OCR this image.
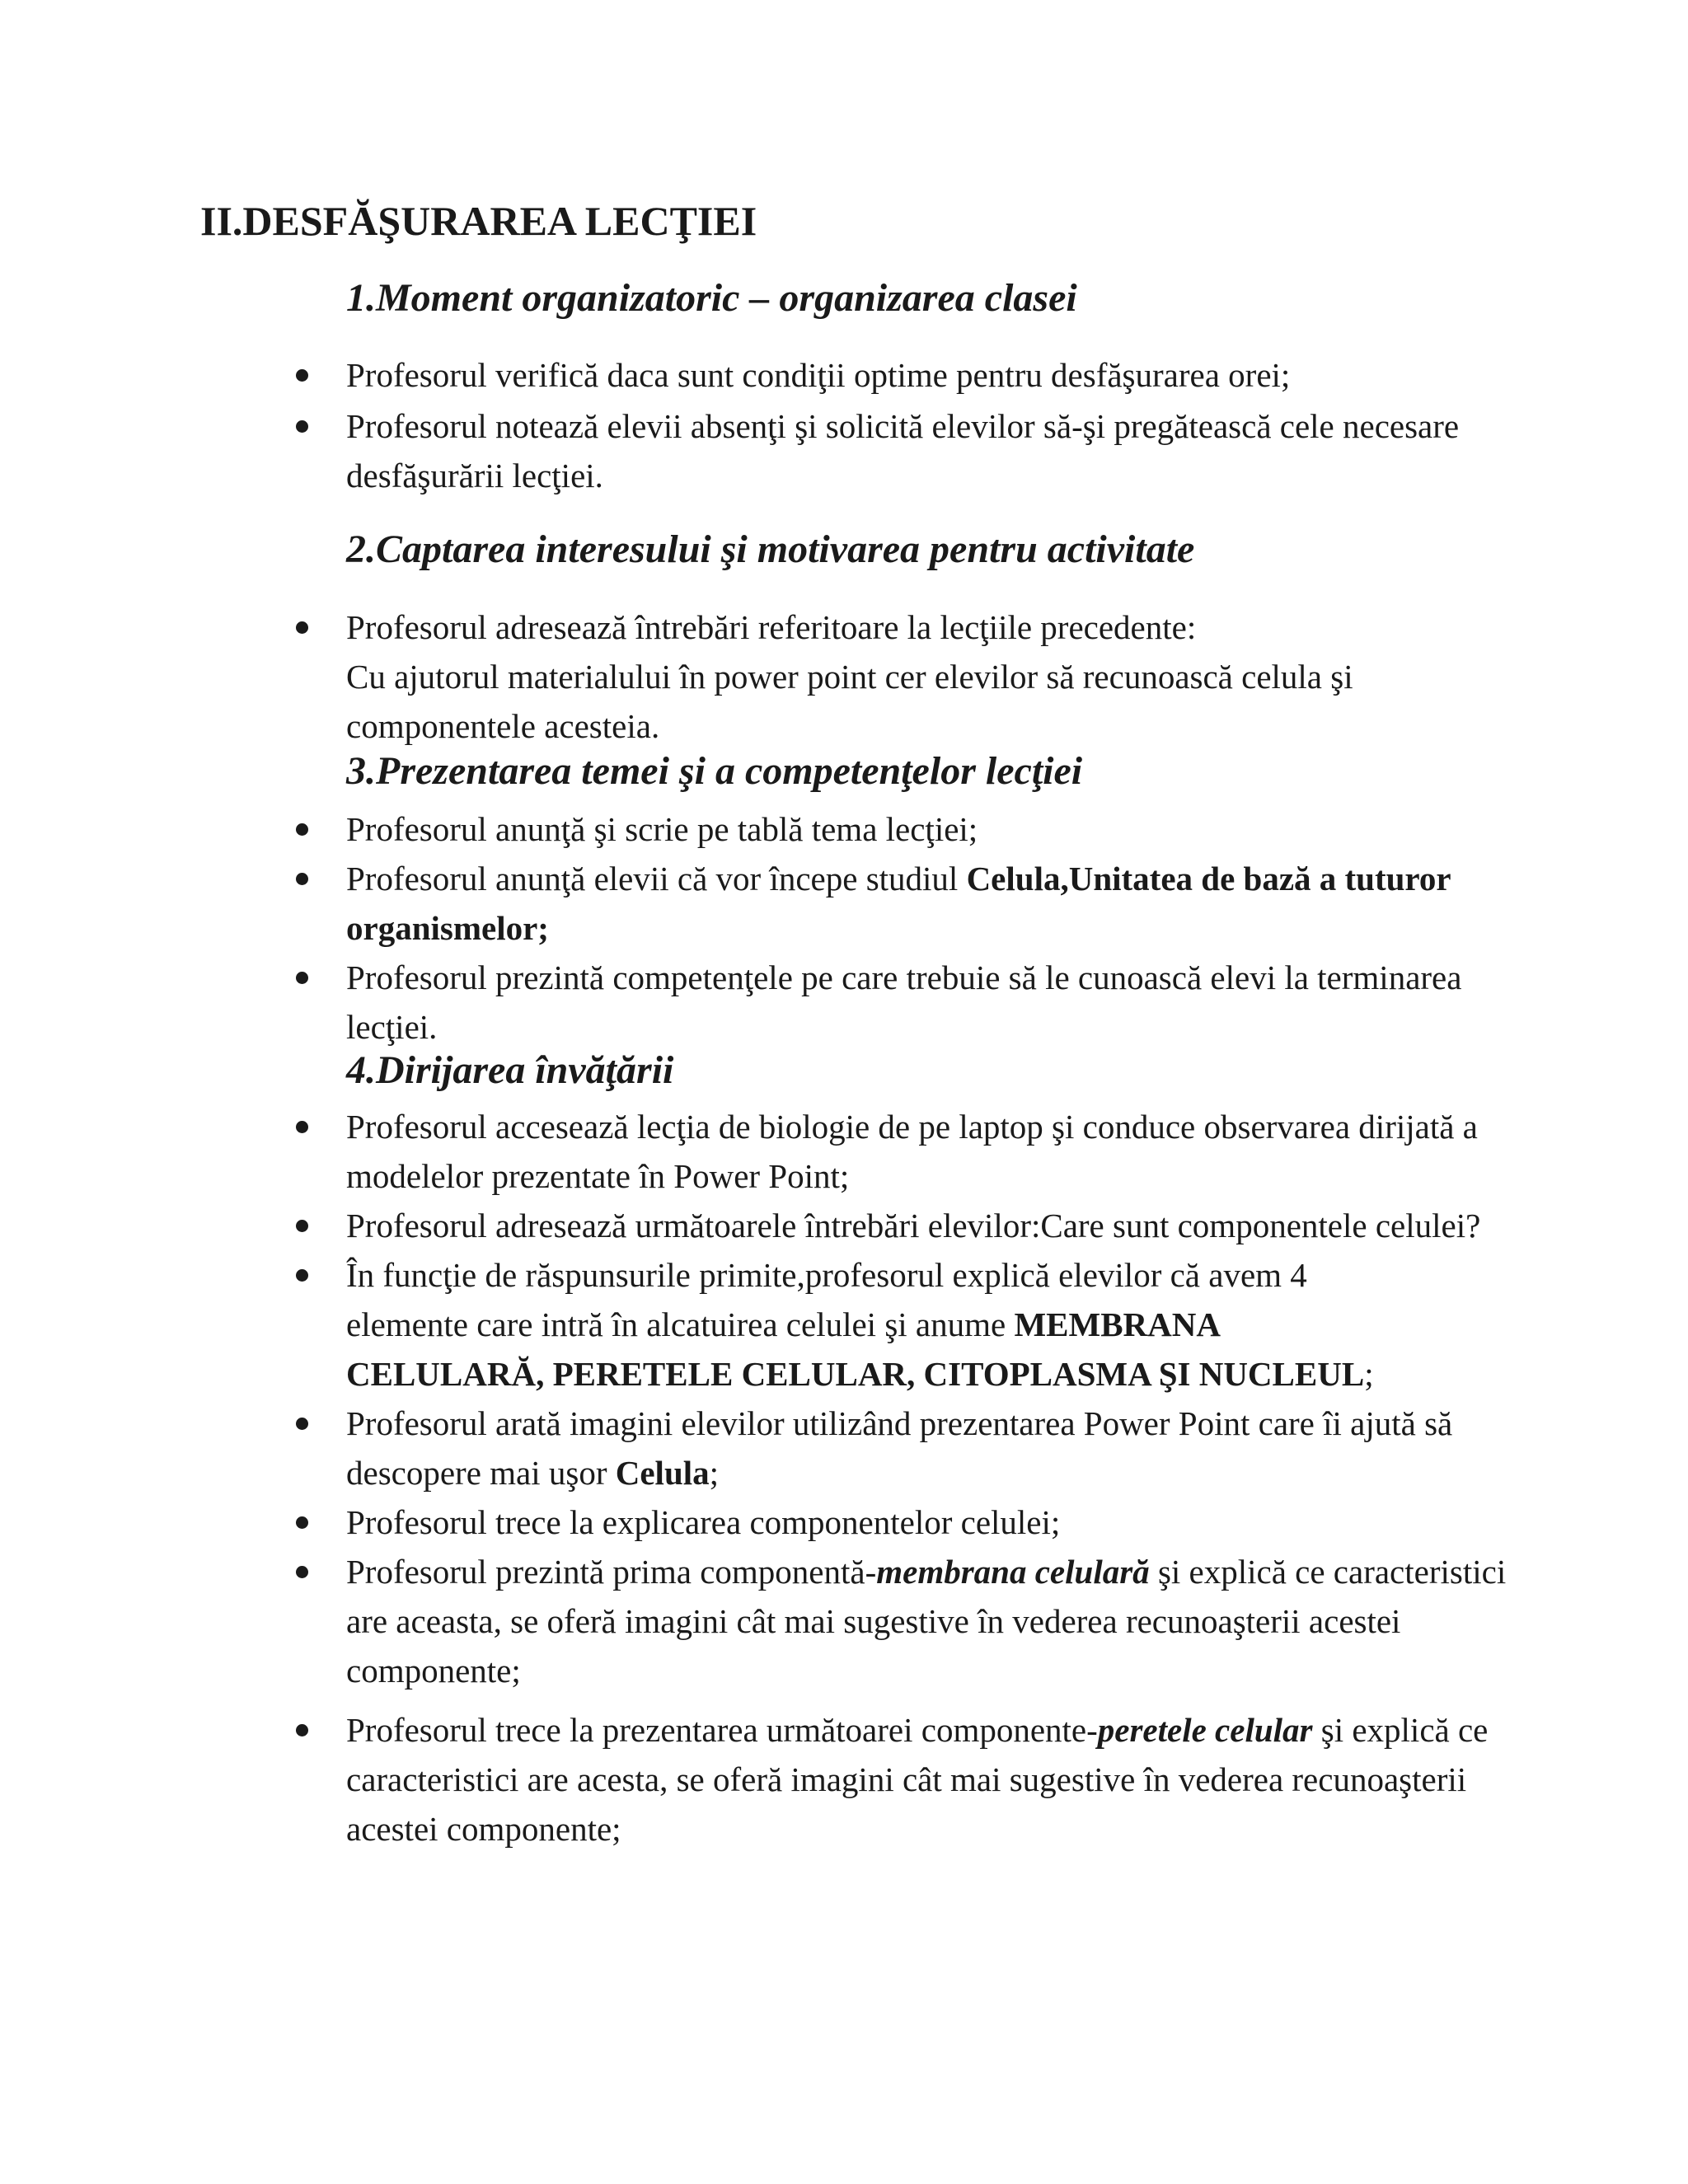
II.DESFĂŞURAREA LECŢIEI
1.Moment organizatoric – organizarea clasei
Profesorul verifică daca sunt condiţii optime pentru desfăşurarea orei;
Profesorul notează elevii absenţi şi solicită elevilor să-şi pregătească cele necesare desfăşurării lecţiei.
2.Captarea interesului şi motivarea pentru activitate
Profesorul adresează întrebări referitoare la lecţiile precedente:
Cu ajutorul materialului în power point cer elevilor să recunoască celula şi componentele acesteia.
3.Prezentarea temei şi a competenţelor lecţiei
Profesorul anunţă şi scrie pe tablă tema lecţiei;
Profesorul anunţă elevii că vor începe studiul Celula,Unitatea de bază a tuturor organismelor;
Profesorul prezintă competenţele pe care trebuie să le cunoască elevi la terminarea lecţiei.
4.Dirijarea învăţării
Profesorul accesează lecţia de biologie de pe laptop şi conduce observarea dirijată a modelelor prezentate în Power Point;
Profesorul adresează următoarele întrebări elevilor:Care sunt componentele celulei?
În funcţie de răspunsurile primite,profesorul explică elevilor că avem 4 elemente care intră în alcatuirea celulei şi anume MEMBRANA CELULARĂ, PERETELE CELULAR, CITOPLASMA ŞI NUCLEUL;
Profesorul arată imagini elevilor utilizând prezentarea Power Point care îi ajută să descopere mai uşor Celula;
Profesorul trece la explicarea componentelor celulei;
Profesorul prezintă prima componentă-membrana celulară şi explică ce caracteristici are aceasta, se oferă imagini cât mai sugestive în vederea recunoaşterii acestei componente;
Profesorul trece la prezentarea următoarei componente-peretele celular şi explică ce caracteristici are acesta, se oferă imagini cât mai sugestive în vederea recunoaşterii acestei componente;
